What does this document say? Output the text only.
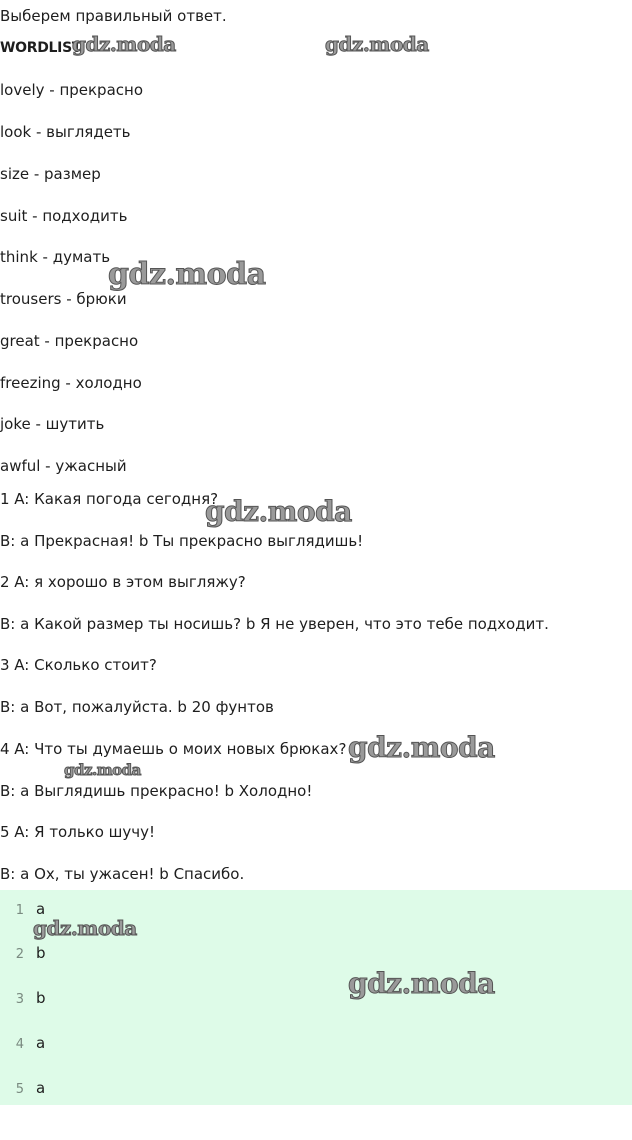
Выберем правильный ответ.
WORDLIST:
lovely - прекрасно
look - выглядеть
size - размер
suit - подходить
think - думать
trousers - брюки
great - прекрасно
freezing - холодно
joke - шутить
awful - ужасный
1 A: Какая погода сегодня?
B: a Прекрасная! b Ты прекрасно выглядишь!
2 A: я хорошо в этом выгляжу?
B: a Какой размер ты носишь? b Я не уверен, что это тебе подходит.
3 A: Сколько стоит?
B: a Вот, пожалуйста. b 20 фунтов
4 A: Что ты думаешь о моих новых брюках?
B: a Выглядишь прекрасно! b Холодно!
5 A: Я только шучу!
B: a Ох, ты ужасен! b Спасибо.
1 a
2 b
3 b
4 a
5 a
gdz.moda	gdz.moda
gdz.moda
gdz.moda
gdz.moda
gdz.moda
gdz.moda
gdz.moda
